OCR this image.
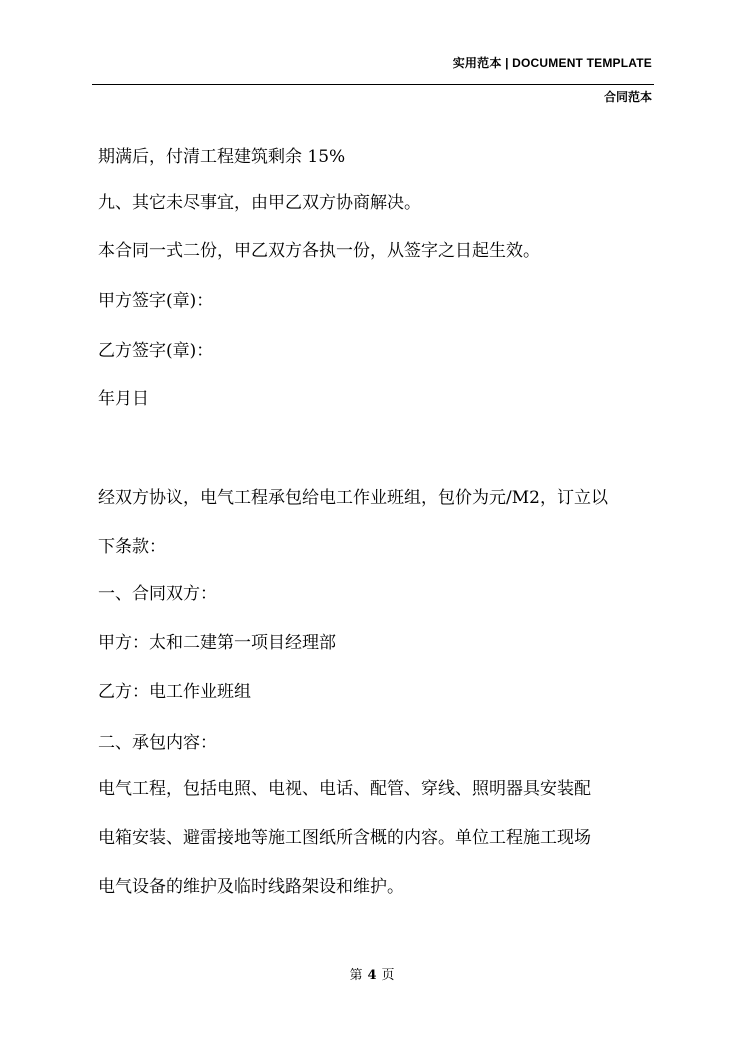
实用范本 | DOCUMENT TEMPLATE
合同范本
期满后，付清工程建筑剩余 15%
九、其它未尽事宜，由甲乙双方协商解决。
本合同一式二份，甲乙双方各执一份，从签字之日起生效。
甲方签字(章)：
乙方签字(章)：
年月日
经双方协议，电气工程承包给电工作业班组，包价为元/M2，订立以
下条款：
一、合同双方：
甲方：太和二建第一项目经理部
乙方：电工作业班组
二、承包内容：
电气工程，包括电照、电视、电话、配管、穿线、照明器具安装配
电箱安装、避雷接地等施工图纸所含概的内容。单位工程施工现场
电气设备的维护及临时线路架设和维护。
第 4 页
